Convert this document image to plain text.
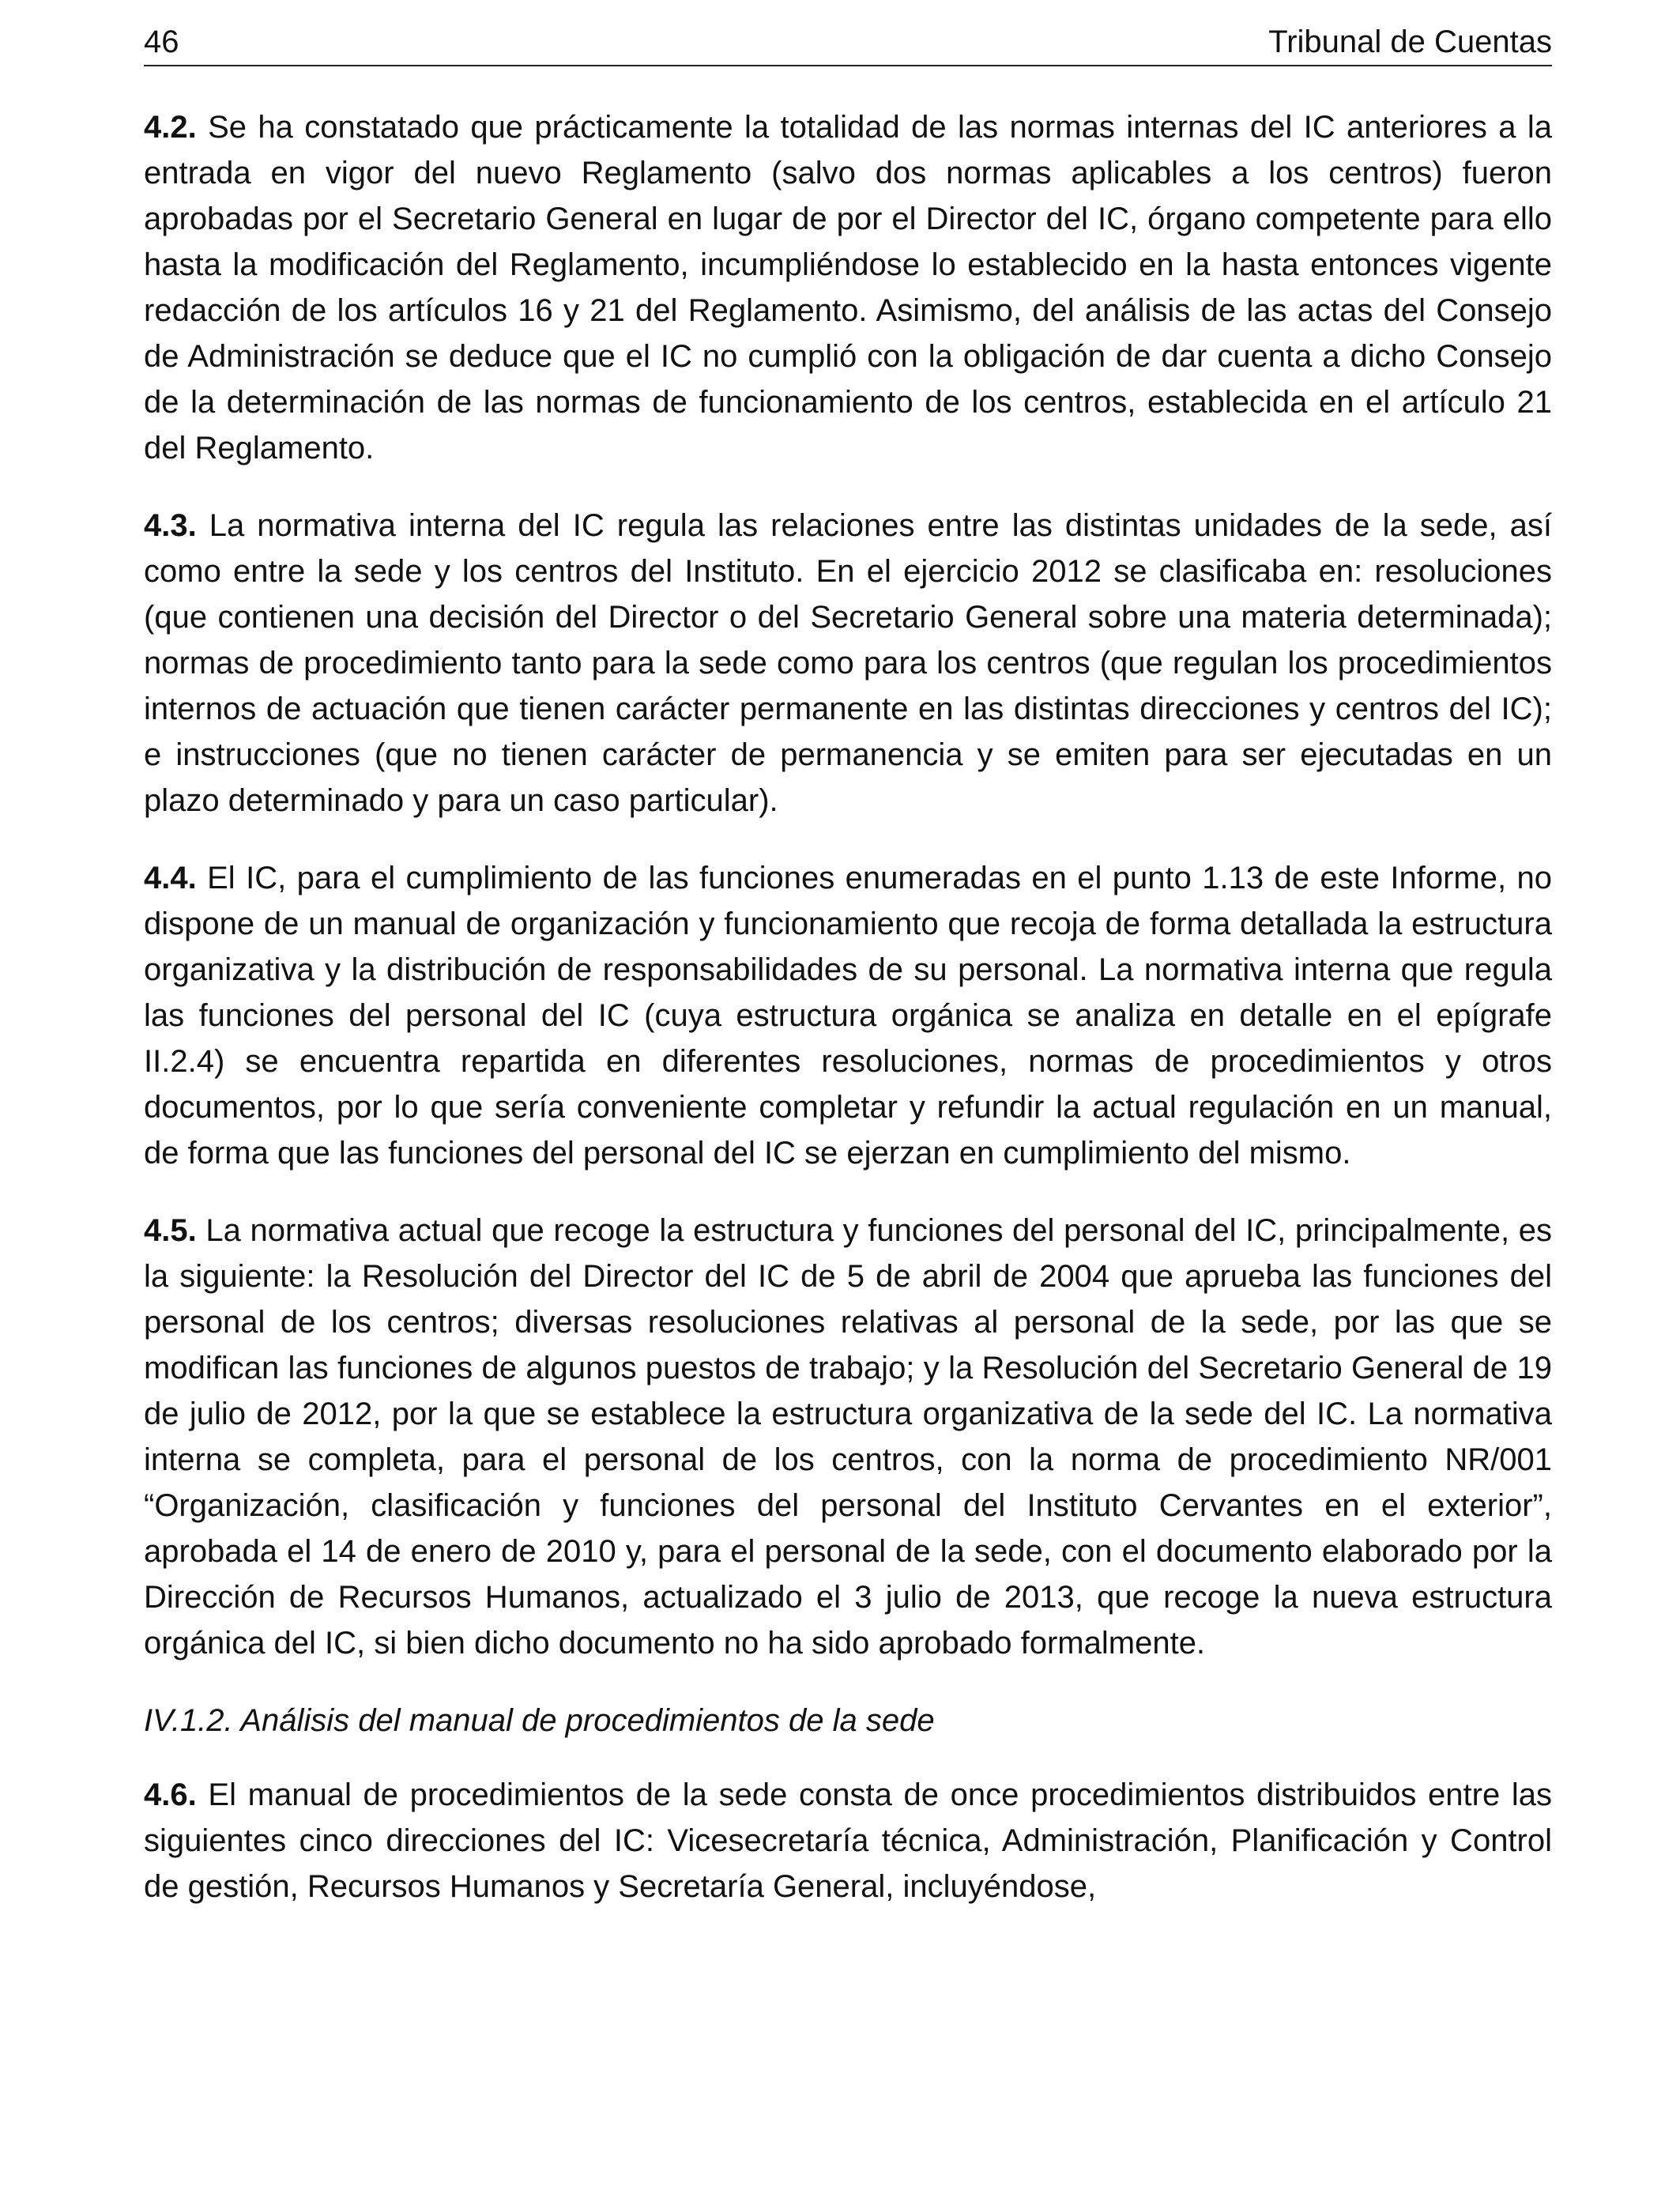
46	Tribunal de Cuentas

4.2. Se ha constatado que prácticamente la totalidad de las normas internas del IC anteriores a la entrada en vigor del nuevo Reglamento (salvo dos normas aplicables a los centros) fueron aprobadas por el Secretario General en lugar de por el Director del IC, órgano competente para ello hasta la modificación del Reglamento, incumpliéndose lo establecido en la hasta entonces vigente redacción de los artículos 16 y 21 del Reglamento. Asimismo, del análisis de las actas del Consejo de Administración se deduce que el IC no cumplió con la obligación de dar cuenta a dicho Consejo de la determinación de las normas de funcionamiento de los centros, establecida en el artículo 21 del Reglamento.

4.3. La normativa interna del IC regula las relaciones entre las distintas unidades de la sede, así como entre la sede y los centros del Instituto. En el ejercicio 2012 se clasificaba en: resoluciones (que contienen una decisión del Director o del Secretario General sobre una materia determinada); normas de procedimiento tanto para la sede como para los centros (que regulan los procedimientos internos de actuación que tienen carácter permanente en las distintas direcciones y centros del IC); e instrucciones (que no tienen carácter de permanencia y se emiten para ser ejecutadas en un plazo determinado y para un caso particular).

4.4. El IC, para el cumplimiento de las funciones enumeradas en el punto 1.13 de este Informe, no dispone de un manual de organización y funcionamiento que recoja de forma detallada la estructura organizativa y la distribución de responsabilidades de su personal. La normativa interna que regula las funciones del personal del IC (cuya estructura orgánica se analiza en detalle en el epígrafe II.2.4) se encuentra repartida en diferentes resoluciones, normas de procedimientos y otros documentos, por lo que sería conveniente completar y refundir la actual regulación en un manual, de forma que las funciones del personal del IC se ejerzan en cumplimiento del mismo.

4.5. La normativa actual que recoge la estructura y funciones del personal del IC, principalmente, es la siguiente: la Resolución del Director del IC de 5 de abril de 2004 que aprueba las funciones del personal de los centros; diversas resoluciones relativas al personal de la sede, por las que se modifican las funciones de algunos puestos de trabajo; y la Resolución del Secretario General de 19 de julio de 2012, por la que se establece la estructura organizativa de la sede del IC. La normativa interna se completa, para el personal de los centros, con la norma de procedimiento NR/001 “Organización, clasificación y funciones del personal del Instituto Cervantes en el exterior”, aprobada el 14 de enero de 2010 y, para el personal de la sede, con el documento elaborado por la Dirección de Recursos Humanos, actualizado el 3 julio de 2013, que recoge la nueva estructura orgánica del IC, si bien dicho documento no ha sido aprobado formalmente.

IV.1.2. Análisis del manual de procedimientos de la sede

4.6. El manual de procedimientos de la sede consta de once procedimientos distribuidos entre las siguientes cinco direcciones del IC: Vicesecretaría técnica, Administración, Planificación y Control de gestión, Recursos Humanos y Secretaría General, incluyéndose,
